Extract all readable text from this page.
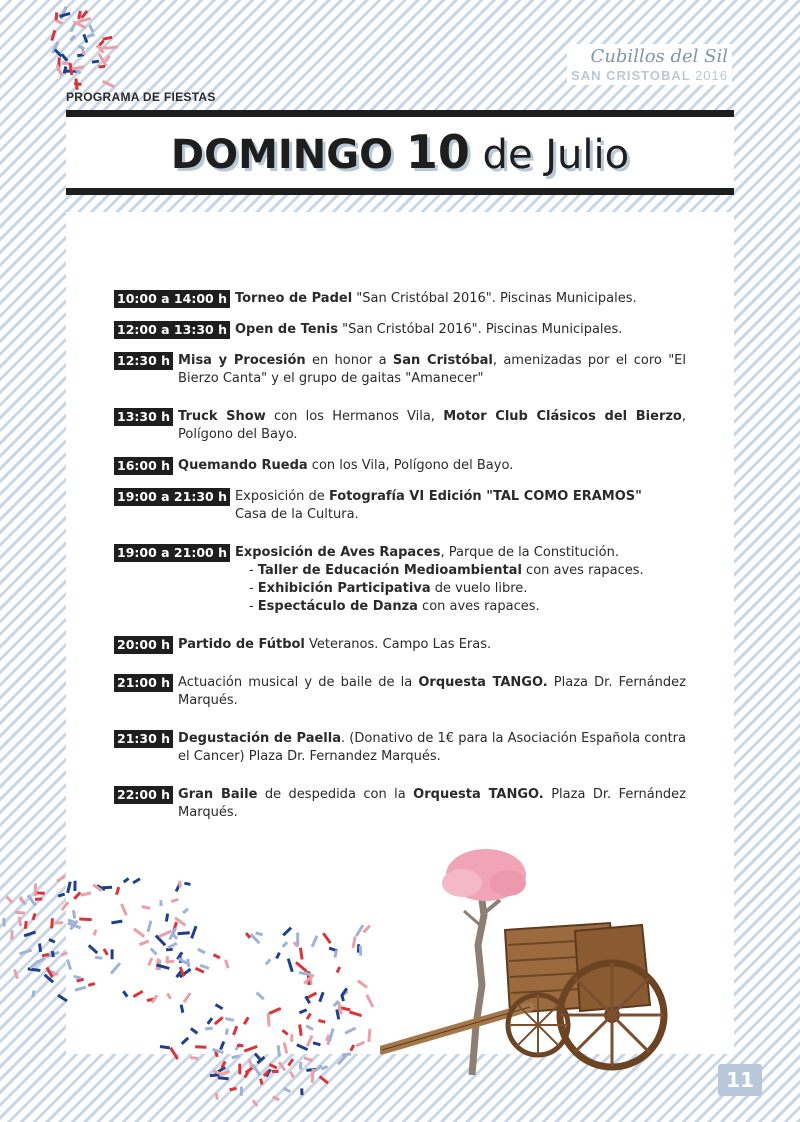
PROGRAMA DE FIESTAS
Cubillos del Sil
SAN CRISTOBAL 2016
DOMINGO 10 de Julio
10:00 a 14:00 h Torneo de Padel "San Cristóbal 2016". Piscinas Municipales.
12:00 a 13:30 h Open de Tenis "San Cristóbal 2016". Piscinas Municipales.
12:30 h Misa y Procesión en honor a San Cristóbal, amenizadas por el coro "El Bierzo Canta" y el grupo de gaitas "Amanecer"
13:30 h Truck Show con los Hermanos Vila, Motor Club Clásicos del Bierzo, Polígono del Bayo.
16:00 h Quemando Rueda con los Vila, Polígono del Bayo.
19:00 a 21:30 h Exposición de Fotografía VI Edición "TAL COMO ERAMOS"
Casa de la Cultura.
19:00 a 21:00 h Exposición de Aves Rapaces, Parque de la Constitución.
- Taller de Educación Medioambiental con aves rapaces.
- Exhibición Participativa de vuelo libre.
- Espectáculo de Danza con aves rapaces.
20:00 h Partido de Fútbol Veteranos. Campo Las Eras.
21:00 h Actuación musical y de baile de la Orquesta TANGO. Plaza Dr. Fernández Marqués.
21:30 h Degustación de Paella. (Donativo de 1€ para la Asociación Española contra el Cancer) Plaza Dr. Fernandez Marqués.
22:00 h Gran Baile de despedida con la Orquesta TANGO. Plaza Dr. Fernández Marqués.
11
